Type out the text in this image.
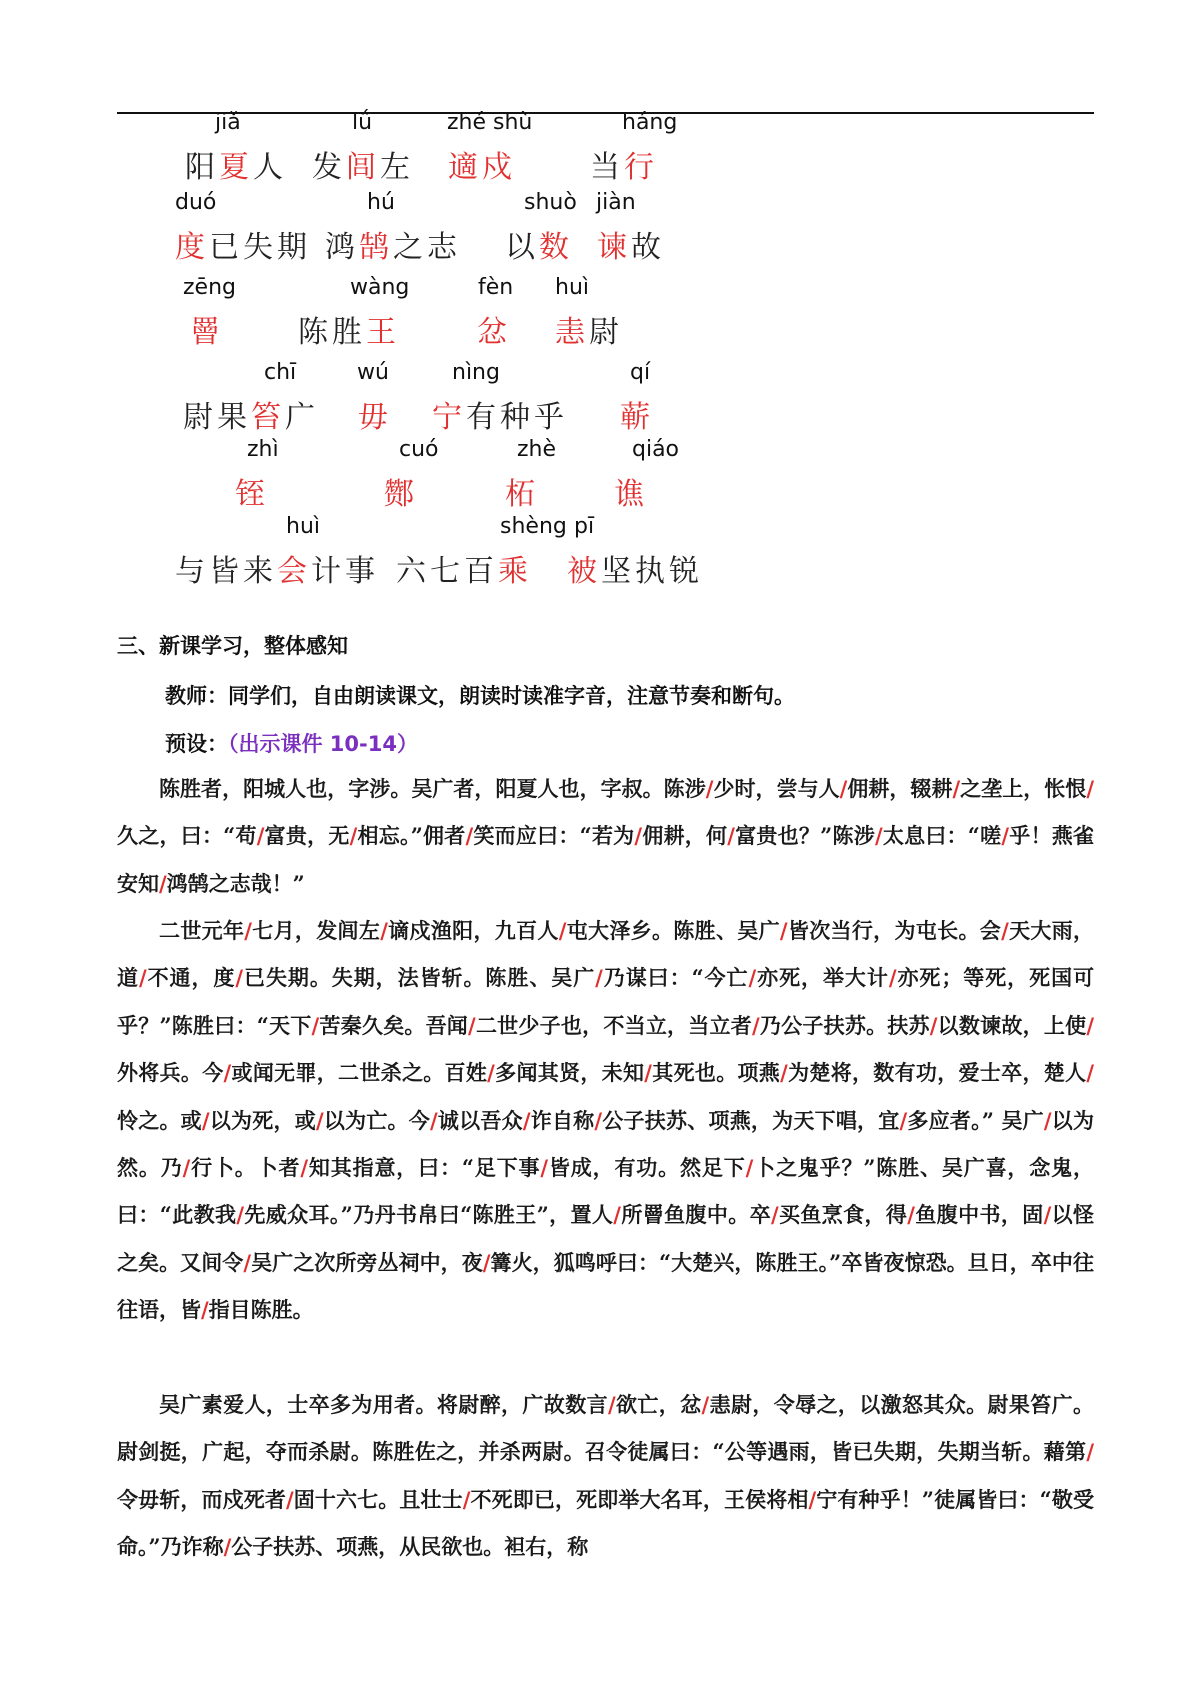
jiǎ
阳夏人
lǘ
发闾左
zhé shù
適戍
háng
当行
duó
度已失期
hú
鸿鹄之志
shuò
以数
jiàn
谏故
zēng
罾
wàng
陈胜王
fèn
忿
huì
恚尉
chī
尉果笞广
wú
毋
nìng
宁有种乎
qí
蕲
zhì
铚
cuó
酂
zhè
柘
qiáo
谯
huì
与皆来会计事
shèng
六七百乘
pī
被坚执锐
三、新课学习，整体感知
教师：同学们，自由朗读课文，朗读时读准字音，注意节奏和断句。
预设：（出示课件 10-14）
陈胜者，阳城人也，字涉。吴广者，阳夏人也，字叔。陈涉/少时，尝与人/佣耕，辍耕/之垄上，怅恨/久之，曰：“苟/富贵，无/相忘。”佣者/笑而应曰：“若为/佣耕，何/富贵也？”陈涉/太息曰：“嗟/乎！燕雀安知/鸿鹄之志哉！”
二世元年/七月，发闾左/谪戍渔阳，九百人/屯大泽乡。陈胜、吴广/皆次当行，为屯长。会/天大雨，道/不通，度/已失期。失期，法皆斩。陈胜、吴广/乃谋曰：“今亡/亦死，举大计/亦死；等死，死国可乎？”陈胜曰：“天下/苦秦久矣。吾闻/二世少子也，不当立，当立者/乃公子扶苏。扶苏/以数谏故，上使/外将兵。今/或闻无罪，二世杀之。百姓/多闻其贤，未知/其死也。项燕/为楚将，数有功，爱士卒，楚人/怜之。或/以为死，或/以为亡。今/诚以吾众/诈自称/公子扶苏、项燕，为天下唱，宜/多应者。” 吴广/以为然。乃/行卜。卜者/知其指意，曰：“足下事/皆成，有功。然足下/卜之鬼乎？”陈胜、吴广喜，念鬼，曰：“此教我/先威众耳。”乃丹书帛曰“陈胜王”，置人/所罾鱼腹中。卒/买鱼烹食，得/鱼腹中书，固/以怪之矣。又间令/吴广之次所旁丛祠中，夜/篝火，狐鸣呼曰：“大楚兴，陈胜王。”卒皆夜惊恐。旦日，卒中往往语，皆/指目陈胜。
吴广素爱人，士卒多为用者。将尉醉，广故数言/欲亡，忿/恚尉，令辱之，以激怒其众。尉果笞广。尉剑挺，广起，夺而杀尉。陈胜佐之，并杀两尉。召令徒属曰：“公等遇雨，皆已失期，失期当斩。藉第/令毋斩，而戍死者/固十六七。且壮士/不死即已，死即举大名耳，王侯将相/宁有种乎！”徒属皆曰：“敬受命。”乃诈称/公子扶苏、项燕，从民欲也。袒右，称
